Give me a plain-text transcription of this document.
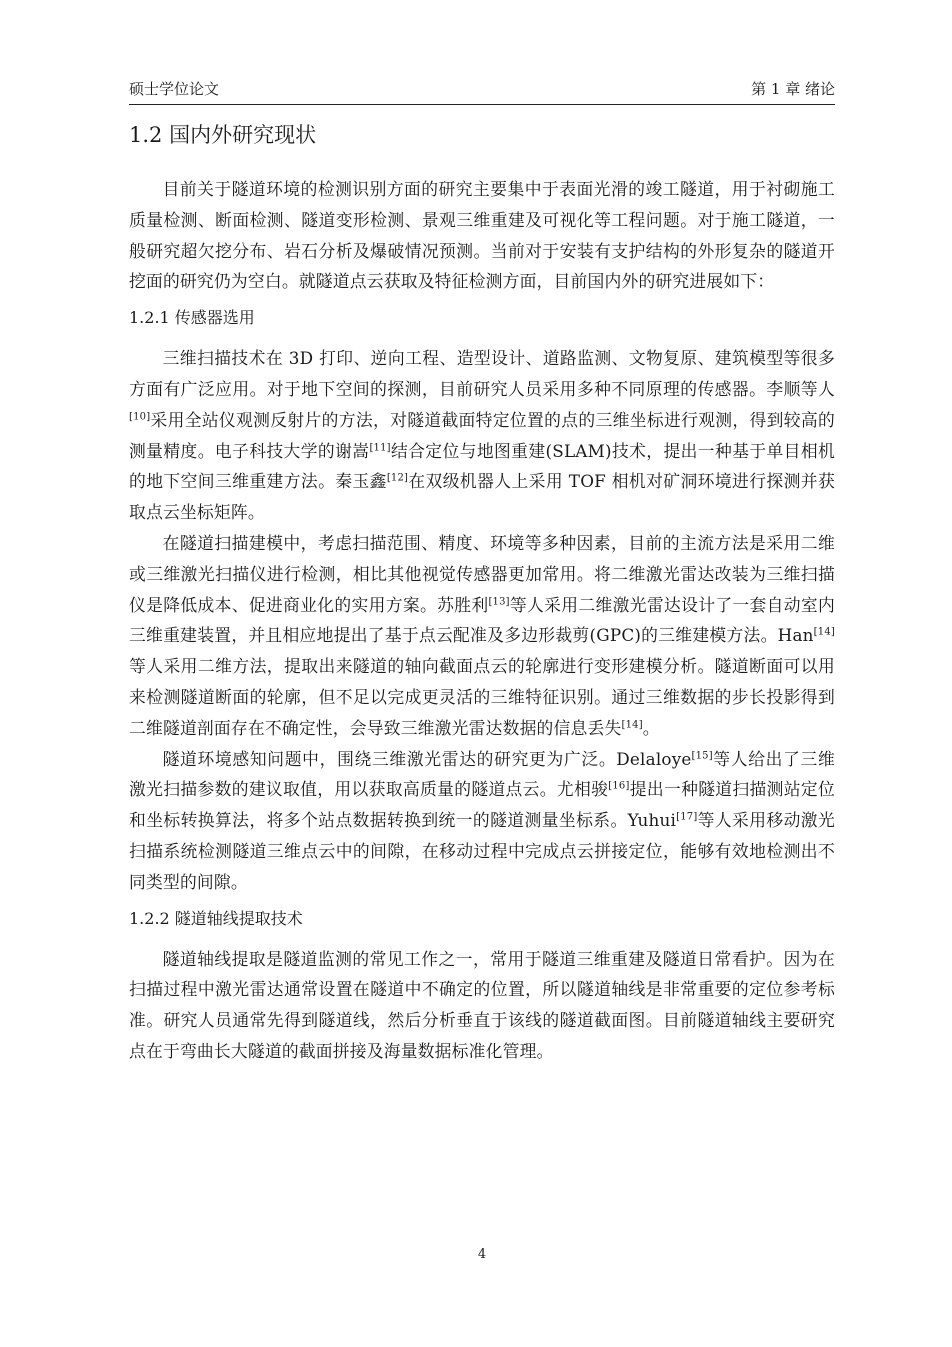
硕士学位论文	第 1 章 绪论
1.2 国内外研究现状

目前关于隧道环境的检测识别方面的研究主要集中于表面光滑的竣工隧道，用于衬砌施工质量检测、断面检测、隧道变形检测、景观三维重建及可视化等工程问题。对于施工隧道，一般研究超欠挖分布、岩石分析及爆破情况预测。当前对于安装有支护结构的外形复杂的隧道开挖面的研究仍为空白。就隧道点云获取及特征检测方面，目前国内外的研究进展如下：

1.2.1 传感器选用

三维扫描技术在 3D 打印、逆向工程、造型设计、道路监测、文物复原、建筑模型等很多方面有广泛应用。对于地下空间的探测，目前研究人员采用多种不同原理的传感器。李顺等人[10]采用全站仪观测反射片的方法，对隧道截面特定位置的点的三维坐标进行观测，得到较高的测量精度。电子科技大学的谢嵩[11]结合定位与地图重建(SLAM)技术，提出一种基于单目相机的地下空间三维重建方法。秦玉鑫[12]在双级机器人上采用 TOF 相机对矿洞环境进行探测并获取点云坐标矩阵。

在隧道扫描建模中，考虑扫描范围、精度、环境等多种因素，目前的主流方法是采用二维或三维激光扫描仪进行检测，相比其他视觉传感器更加常用。将二维激光雷达改装为三维扫描仪是降低成本、促进商业化的实用方案。苏胜利[13]等人采用二维激光雷达设计了一套自动室内三维重建装置，并且相应地提出了基于点云配准及多边形裁剪(GPC)的三维建模方法。Han[14]等人采用二维方法，提取出来隧道的轴向截面点云的轮廓进行变形建模分析。隧道断面可以用来检测隧道断面的轮廓，但不足以完成更灵活的三维特征识别。通过三维数据的步长投影得到二维隧道剖面存在不确定性，会导致三维激光雷达数据的信息丢失[14]。

隧道环境感知问题中，围绕三维激光雷达的研究更为广泛。Delaloye[15]等人给出了三维激光扫描参数的建议取值，用以获取高质量的隧道点云。尤相骏[16]提出一种隧道扫描测站定位和坐标转换算法，将多个站点数据转换到统一的隧道测量坐标系。Yuhui[17]等人采用移动激光扫描系统检测隧道三维点云中的间隙，在移动过程中完成点云拼接定位，能够有效地检测出不同类型的间隙。

1.2.2 隧道轴线提取技术

隧道轴线提取是隧道监测的常见工作之一，常用于隧道三维重建及隧道日常看护。因为在扫描过程中激光雷达通常设置在隧道中不确定的位置，所以隧道轴线是非常重要的定位参考标准。研究人员通常先得到隧道线，然后分析垂直于该线的隧道截面图。目前隧道轴线主要研究点在于弯曲长大隧道的截面拼接及海量数据标准化管理。

4
